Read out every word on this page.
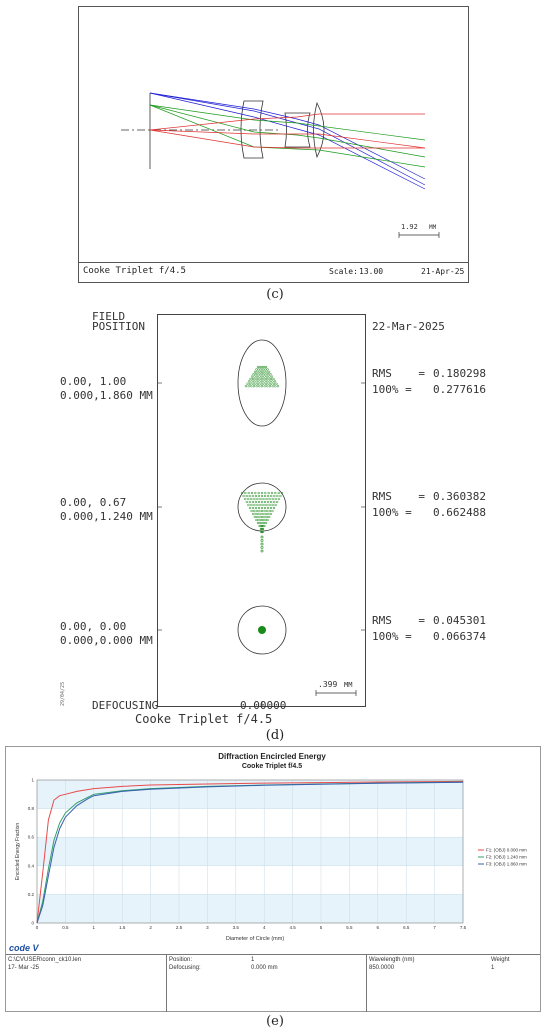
1.92 MM
Cooke Triplet f/4.5	Scale: 13.00	21-Apr-25
(c)
FIELD
POSITION	22-Mar-2025
0.00, 1.00
0.000,1.860 MM
0.00, 0.67
0.000,1.240 MM
0.00, 0.00
0.000,0.000 MM
RMS    = 0.180298
100% = 0.277616
RMS    = 0.360382
100% = 0.662488
RMS    = 0.045301
100% = 0.066374
.399 MM
DEFOCUSING	0.00000
Cooke Triplet f/4.5
29/04/25
(d)
Diffraction Encircled Energy
Cooke Triplet f/4.5
0	0.5	1	1.5	2	2.5	3	3.5	4	4.5	5	5.5	6	6.5	7	7.5
0
0.2
0.4
0.6
0.8
1
F1: (OBJ) 0.000 mm
F2: (OBJ) 1.240 mm
F3: (OBJ) 1.860 mm
Encircled Energy Fraction
Diameter of Circle (mm)
code V
C:\CVUSER\conn_ck10.len
17- Mar -25
Position:	1
Defocusing:	0.000 mm
Wavelength (nm)
850.0000
Weight
1
(e)
